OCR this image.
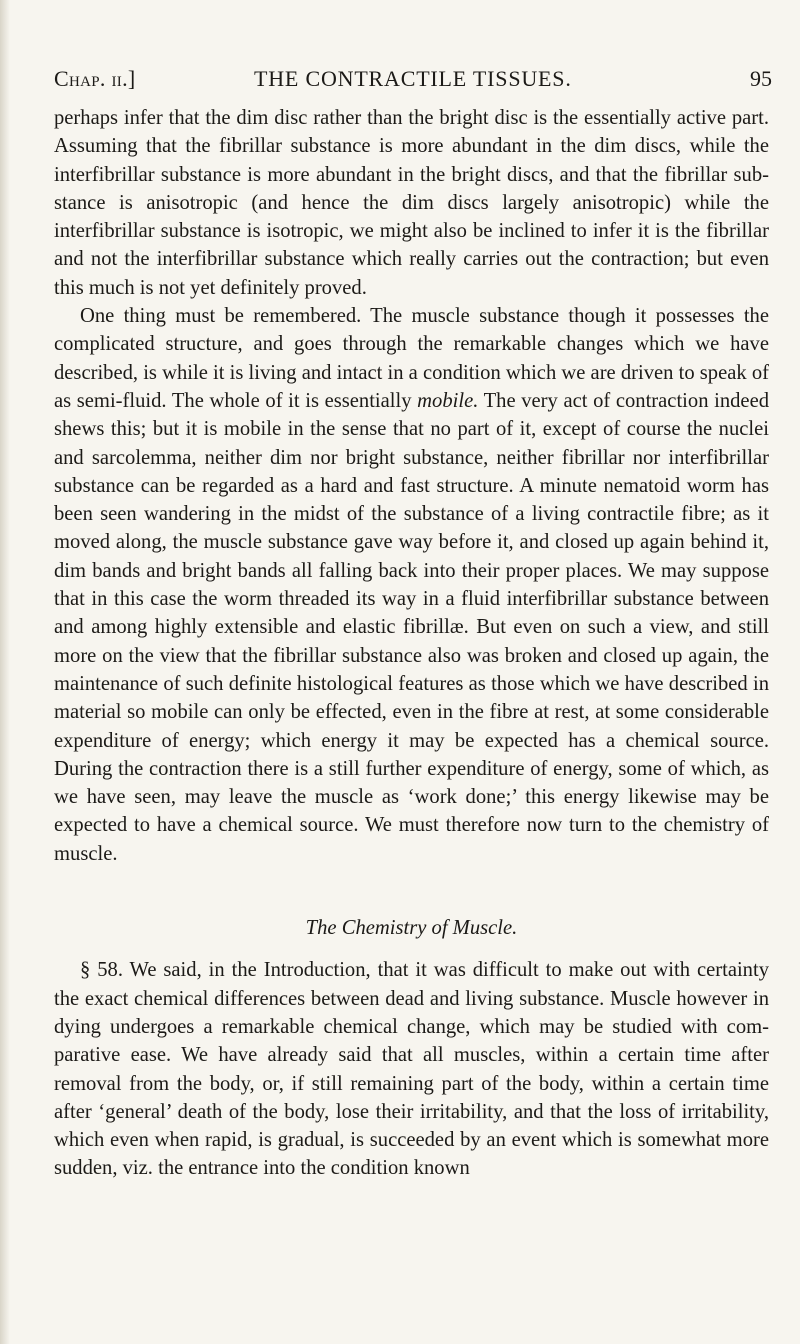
Chap. ii.]	THE CONTRACTILE TISSUES.	95

perhaps infer that the dim disc rather than the bright disc is the essentially active part. Assuming that the fibrillar substance is more abundant in the dim discs, while the interfibrillar substance is more abundant in the bright discs, and that the fibrillar substance is anisotropic (and hence the dim discs largely anisotropic) while the interfibrillar substance is isotropic, we might also be inclined to infer it is the fibrillar and not the interfibrillar substance which really carries out the contraction; but even this much is not yet definitely proved.

One thing must be remembered. The muscle substance though it possesses the complicated structure, and goes through the remarkable changes which we have described, is while it is living and intact in a condition which we are driven to speak of as semi-fluid. The whole of it is essentially mobile. The very act of contraction indeed shews this; but it is mobile in the sense that no part of it, except of course the nuclei and sarcolemma, neither dim nor bright substance, neither fibrillar nor interfibrillar substance can be regarded as a hard and fast structure. A minute nematoid worm has been seen wandering in the midst of the substance of a living contractile fibre; as it moved along, the muscle substance gave way before it, and closed up again behind it, dim bands and bright bands all falling back into their proper places. We may suppose that in this case the worm threaded its way in a fluid interfibrillar substance between and among highly extensible and elastic fibrillæ. But even on such a view, and still more on the view that the fibrillar substance also was broken and closed up again, the maintenance of such definite histological features as those which we have described in material so mobile can only be effected, even in the fibre at rest, at some considerable expenditure of energy; which energy it may be expected has a chemical source. During the contraction there is a still further expenditure of energy, some of which, as we have seen, may leave the muscle as ‘work done;’ this energy likewise may be expected to have a chemical source. We must therefore now turn to the chemistry of muscle.

The Chemistry of Muscle.

§ 58. We said, in the Introduction, that it was difficult to make out with certainty the exact chemical differences between dead and living substance. Muscle however in dying undergoes a remarkable chemical change, which may be studied with comparative ease. We have already said that all muscles, within a certain time after removal from the body, or, if still remaining part of the body, within a certain time after ‘general’ death of the body, lose their irritability, and that the loss of irritability, which even when rapid, is gradual, is succeeded by an event which is somewhat more sudden, viz. the entrance into the condition known
